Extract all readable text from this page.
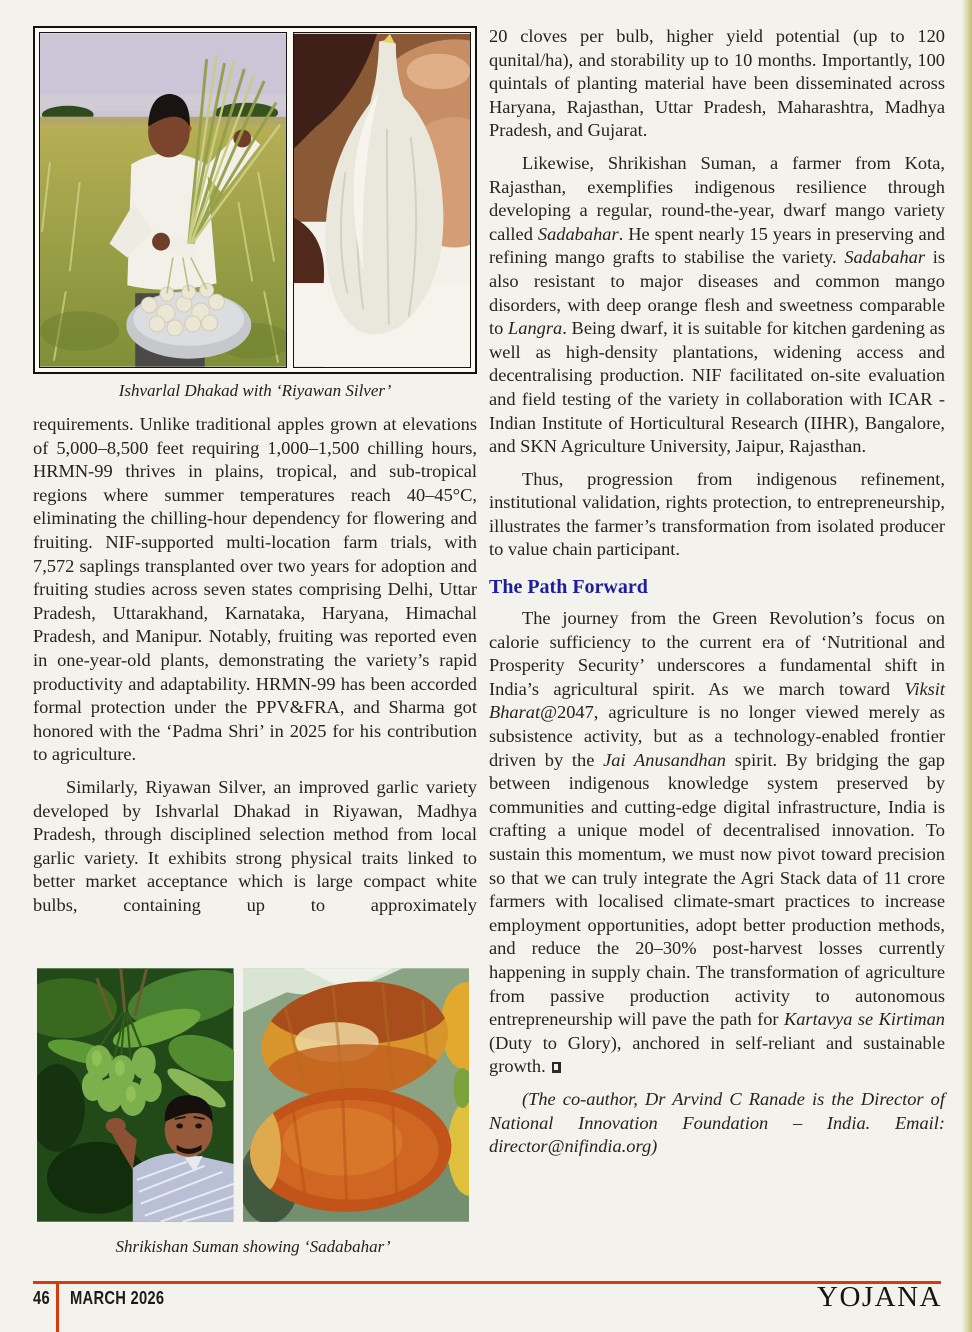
Ishvarlal Dhakad with ‘Riyawan Silver’

requirements. Unlike traditional apples grown at elevations of 5,000–8,500 feet requiring 1,000–1,500 chilling hours, HRMN-99 thrives in plains, tropical, and sub-tropical regions where summer temperatures reach 40–45°C, eliminating the chilling-hour dependency for flowering and fruiting. NIF-supported multi-location farm trials, with 7,572 saplings transplanted over two years for adoption and fruiting studies across seven states comprising Delhi, Uttar Pradesh, Uttarakhand, Karnataka, Haryana, Himachal Pradesh, and Manipur. Notably, fruiting was reported even in one-year-old plants, demonstrating the variety’s rapid productivity and adaptability. HRMN-99 has been accorded formal protection under the PPV&FRA, and Sharma got honored with the ‘Padma Shri’ in 2025 for his contribution to agriculture.

Similarly, Riyawan Silver, an improved garlic variety developed by Ishvarlal Dhakad in Riyawan, Madhya Pradesh, through disciplined selection method from local garlic variety. It exhibits strong physical traits linked to better market acceptance which is large compact white bulbs, containing up to approximately

Shrikishan Suman showing ‘Sadabahar’

20 cloves per bulb, higher yield potential (up to 120 qunital/ha), and storability up to 10 months. Importantly, 100 quintals of planting material have been disseminated across Haryana, Rajasthan, Uttar Pradesh, Maharashtra, Madhya Pradesh, and Gujarat.

Likewise, Shrikishan Suman, a farmer from Kota, Rajasthan, exemplifies indigenous resilience through developing a regular, round-the-year, dwarf mango variety called Sadabahar. He spent nearly 15 years in preserving and refining mango grafts to stabilise the variety. Sadabahar is also resistant to major diseases and common mango disorders, with deep orange flesh and sweetness comparable to Langra. Being dwarf, it is suitable for kitchen gardening as well as high-density plantations, widening access and decentralising production. NIF facilitated on-site evaluation and field testing of the variety in collaboration with ICAR - Indian Institute of Horticultural Research (IIHR), Bangalore, and SKN Agriculture University, Jaipur, Rajasthan.

Thus, progression from indigenous refinement, institutional validation, rights protection, to entrepreneurship, illustrates the farmer’s transformation from isolated producer to value chain participant.

The Path Forward

The journey from the Green Revolution’s focus on calorie sufficiency to the current era of ‘Nutritional and Prosperity Security’ underscores a fundamental shift in India’s agricultural spirit. As we march toward Viksit Bharat@2047, agriculture is no longer viewed merely as subsistence activity, but as a technology-enabled frontier driven by the Jai Anusandhan spirit. By bridging the gap between indigenous knowledge system preserved by communities and cutting-edge digital infrastructure, India is crafting a unique model of decentralised innovation. To sustain this momentum, we must now pivot toward precision so that we can truly integrate the Agri Stack data of 11 crore farmers with localised climate-smart practices to increase employment opportunities, adopt better production methods, and reduce the 20–30% post-harvest losses currently happening in supply chain. The transformation of agriculture from passive production activity to autonomous entrepreneurship will pave the path for Kartavya se Kirtiman (Duty to Glory), anchored in self-reliant and sustainable growth.

(The co-author, Dr Arvind C Ranade is the Director of National Innovation Foundation – India. Email: director@nifindia.org)

46 MARCH 2026	YOJANA
